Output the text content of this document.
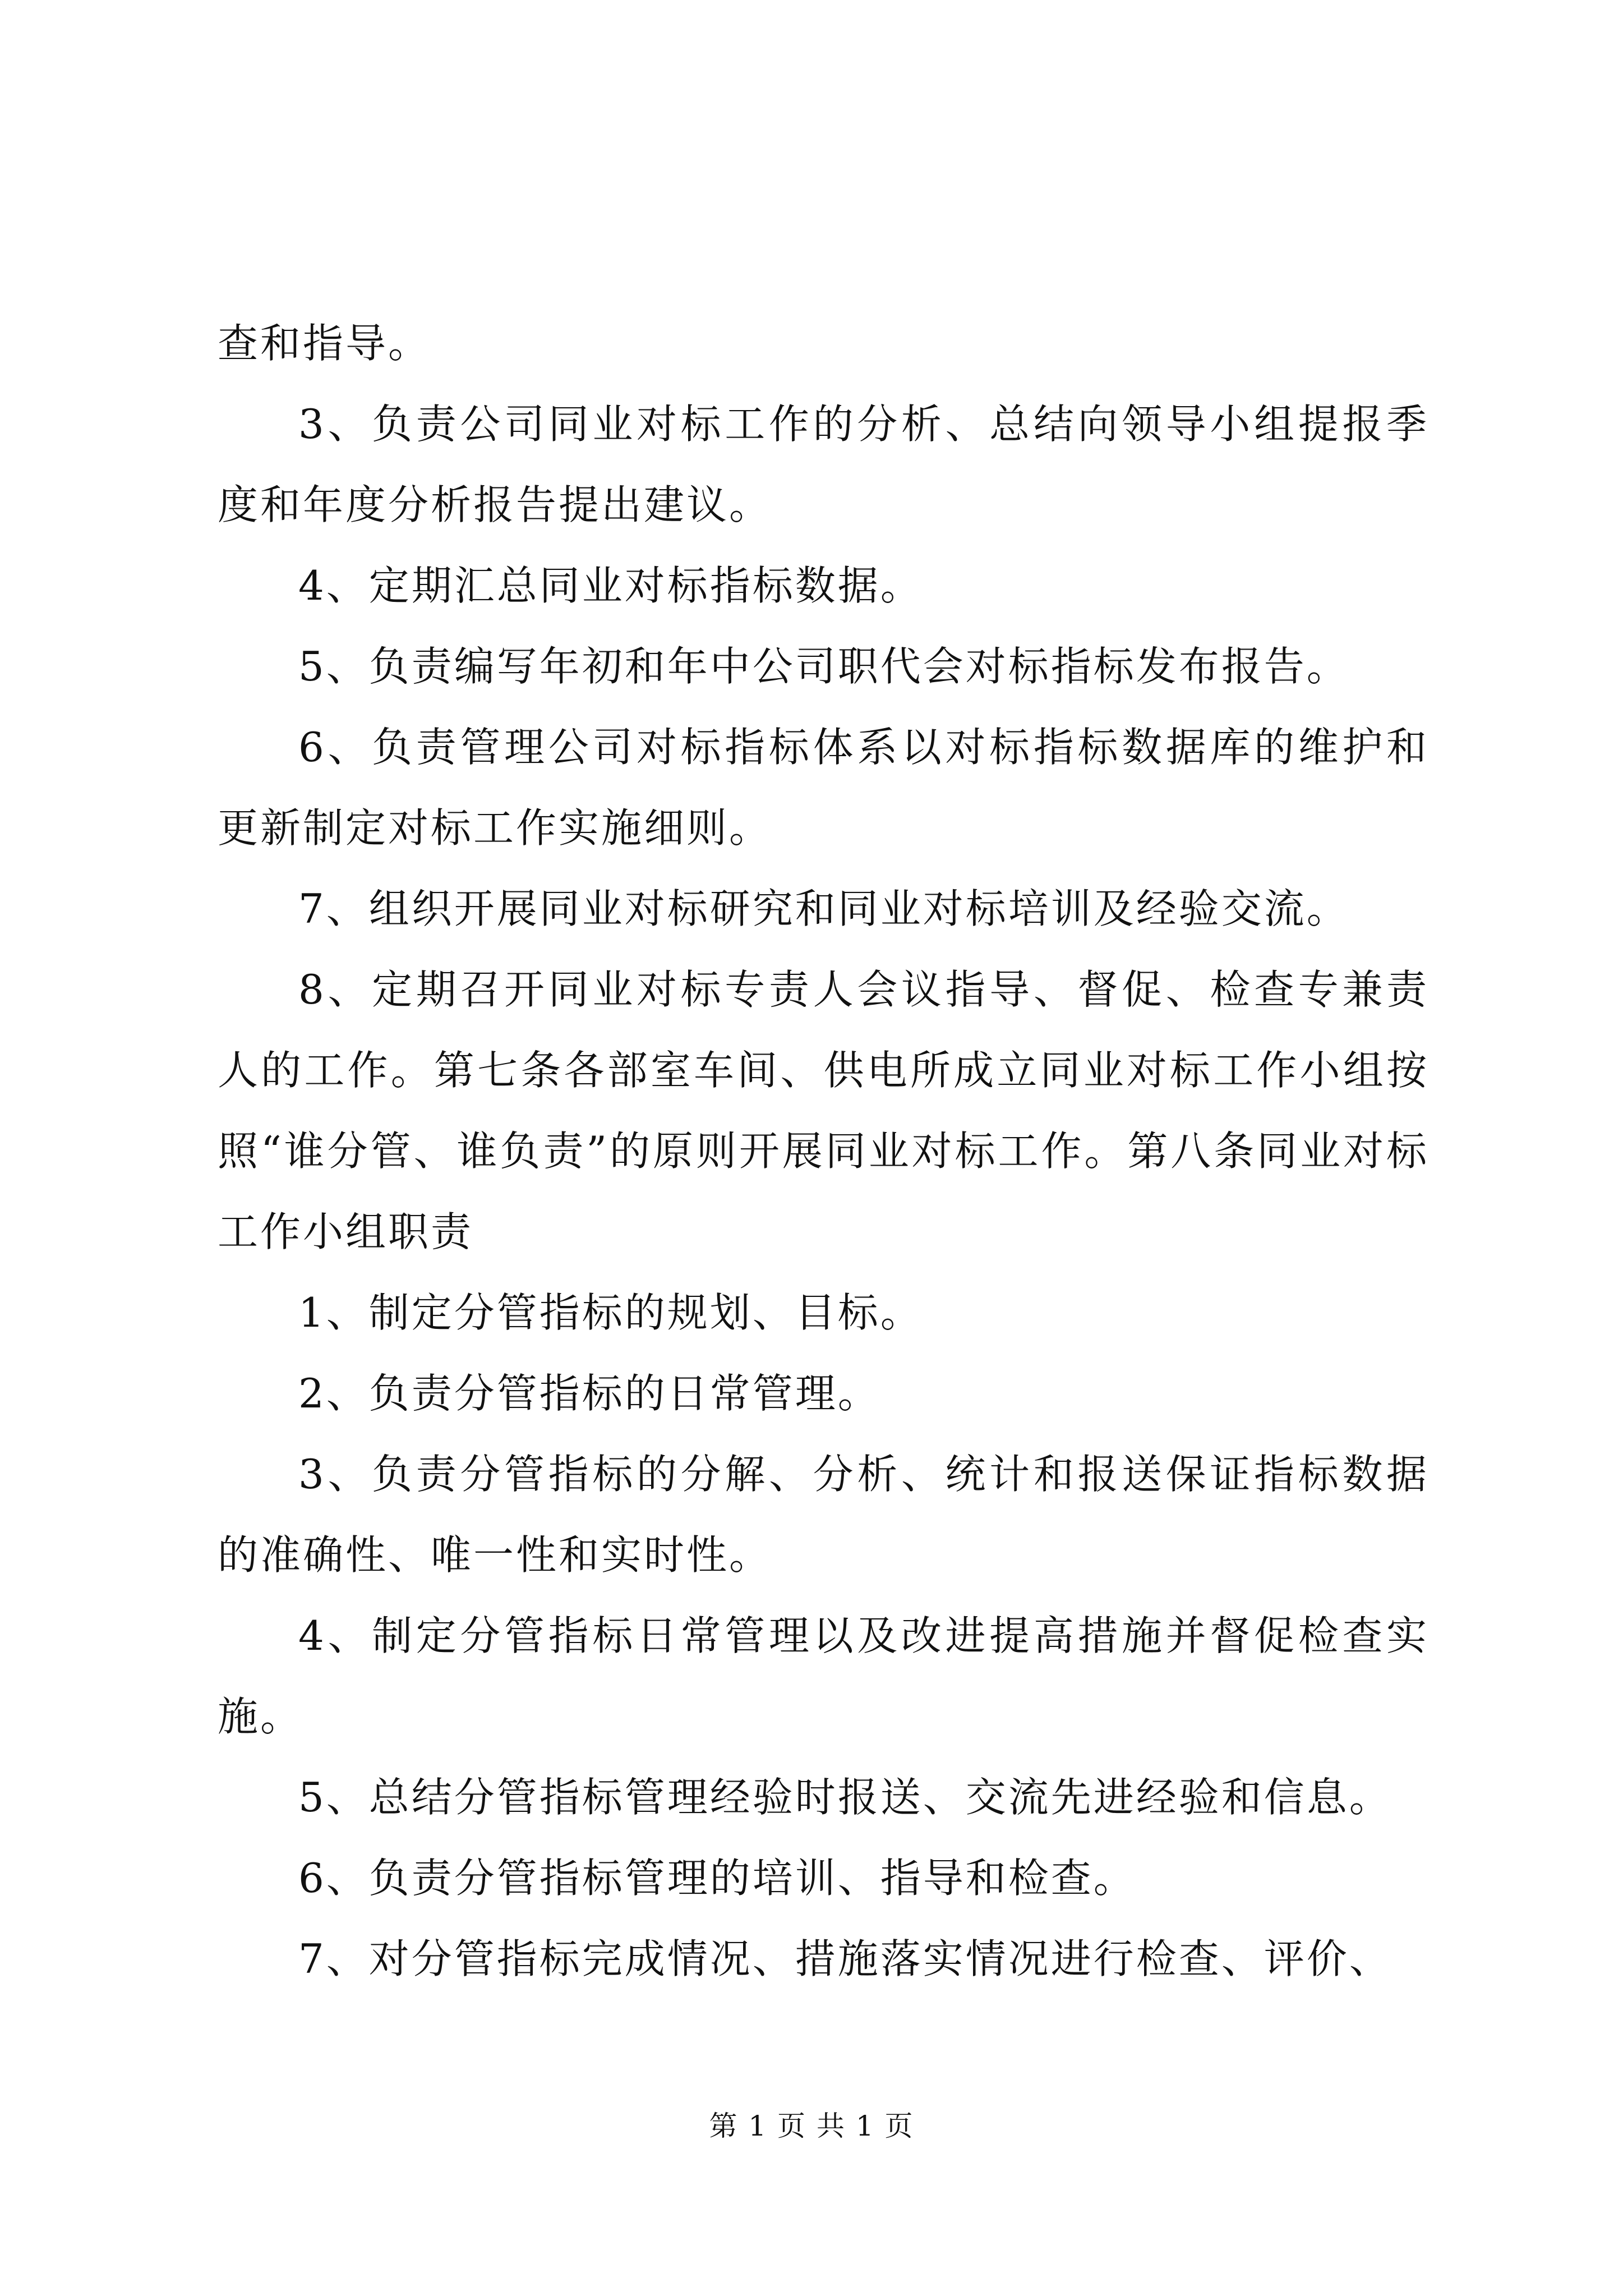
查和指导。

3、负责公司同业对标工作的分析、总结向领导小组提报季度和年度分析报告提出建议。

4、定期汇总同业对标指标数据。

5、负责编写年初和年中公司职代会对标指标发布报告。

6、负责管理公司对标指标体系以对标指标数据库的维护和更新制定对标工作实施细则。

7、组织开展同业对标研究和同业对标培训及经验交流。

8、定期召开同业对标专责人会议指导、督促、检查专兼责人的工作。第七条各部室车间、供电所成立同业对标工作小组按照“谁分管、谁负责”的原则开展同业对标工作。第八条同业对标工作小组职责

1、制定分管指标的规划、目标。

2、负责分管指标的日常管理。

3、负责分管指标的分解、分析、统计和报送保证指标数据的准确性、唯一性和实时性。

4、制定分管指标日常管理以及改进提高措施并督促检查实施。

5、总结分管指标管理经验时报送、交流先进经验和信息。

6、负责分管指标管理的培训、指导和检查。

7、对分管指标完成情况、措施落实情况进行检查、评价、

第 1 页 共 1 页
